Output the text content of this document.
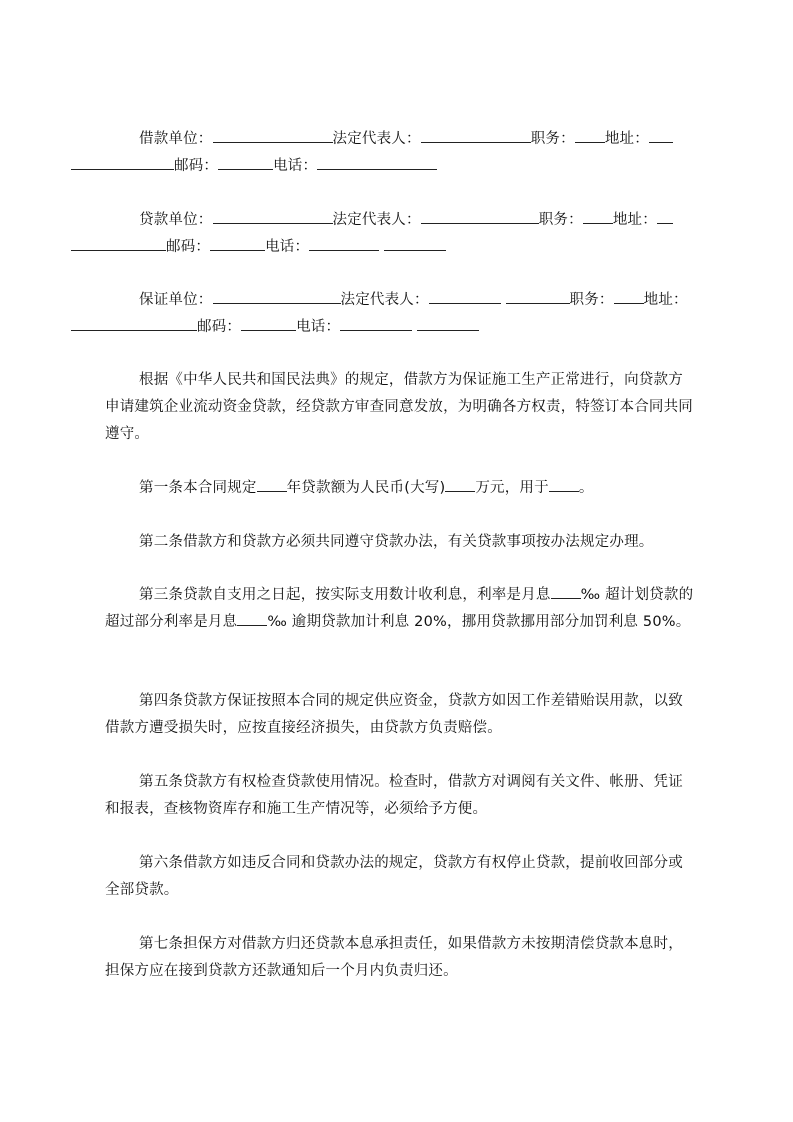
借款单位：	法定代表人：	职务： 地址：
邮码：	电话：
贷款单位：	法定代表人：	职务： 地址：
邮码：	电话：
保证单位：	法定代表人：	职务： 地址：
邮码：	电话：
根据《中华人民共和国民法典》的规定，借款方为保证施工生产正常进行，向贷款方申请建筑企业流动资金贷款，经贷款方审查同意发放，为明确各方权责，特签订本合同共同遵守。
第一条本合同规定 年贷款额为人民币(大写) 万元，用于 。
第二条借款方和贷款方必须共同遵守贷款办法，有关贷款事项按办法规定办理。
第三条贷款自支用之日起，按实际支用数计收利息，利率是月息 ‰ 超计划贷款的超过部分利率是月息 ‰ 逾期贷款加计利息 20%，挪用贷款挪用部分加罚利息 50%。
第四条贷款方保证按照本合同的规定供应资金，贷款方如因工作差错贻误用款，以致借款方遭受损失时，应按直接经济损失，由贷款方负责赔偿。
第五条贷款方有权检查贷款使用情况。检查时，借款方对调阅有关文件、帐册、凭证和报表，查核物资库存和施工生产情况等，必须给予方便。
第六条借款方如违反合同和贷款办法的规定，贷款方有权停止贷款，提前收回部分或全部贷款。
第七条担保方对借款方归还贷款本息承担责任，如果借款方未按期清偿贷款本息时，担保方应在接到贷款方还款通知后一个月内负责归还。
